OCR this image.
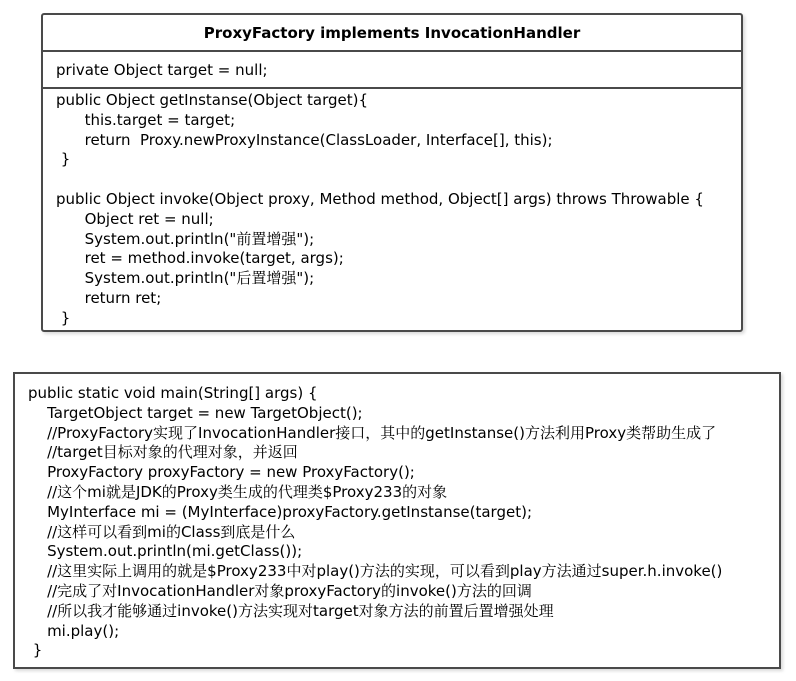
ProxyFactory implements InvocationHandler
private Object target = null;
public Object getInstanse(Object target){
this.target = target;
return  Proxy.newProxyInstance(ClassLoader, Interface[], this);
}
public Object invoke(Object proxy, Method method, Object[] args) throws Throwable {
Object ret = null;
System.out.println("前置增强");
ret = method.invoke(target, args);
System.out.println("后置增强");
return ret;
}
public static void main(String[] args) {
TargetObject target = new TargetObject();
//ProxyFactory实现了InvocationHandler接口，其中的getInstanse()方法利用Proxy类帮助生成了
//target目标对象的代理对象，并返回
ProxyFactory proxyFactory = new ProxyFactory();
//这个mi就是JDK的Proxy类生成的代理类$Proxy233的对象
MyInterface mi = (MyInterface)proxyFactory.getInstanse(target);
//这样可以看到mi的Class到底是什么
System.out.println(mi.getClass());
//这里实际上调用的就是$Proxy233中对play()方法的实现，可以看到play方法通过super.h.invoke()
//完成了对InvocationHandler对象proxyFactory的invoke()方法的回调
//所以我才能够通过invoke()方法实现对target对象方法的前置后置增强处理
mi.play();
}
